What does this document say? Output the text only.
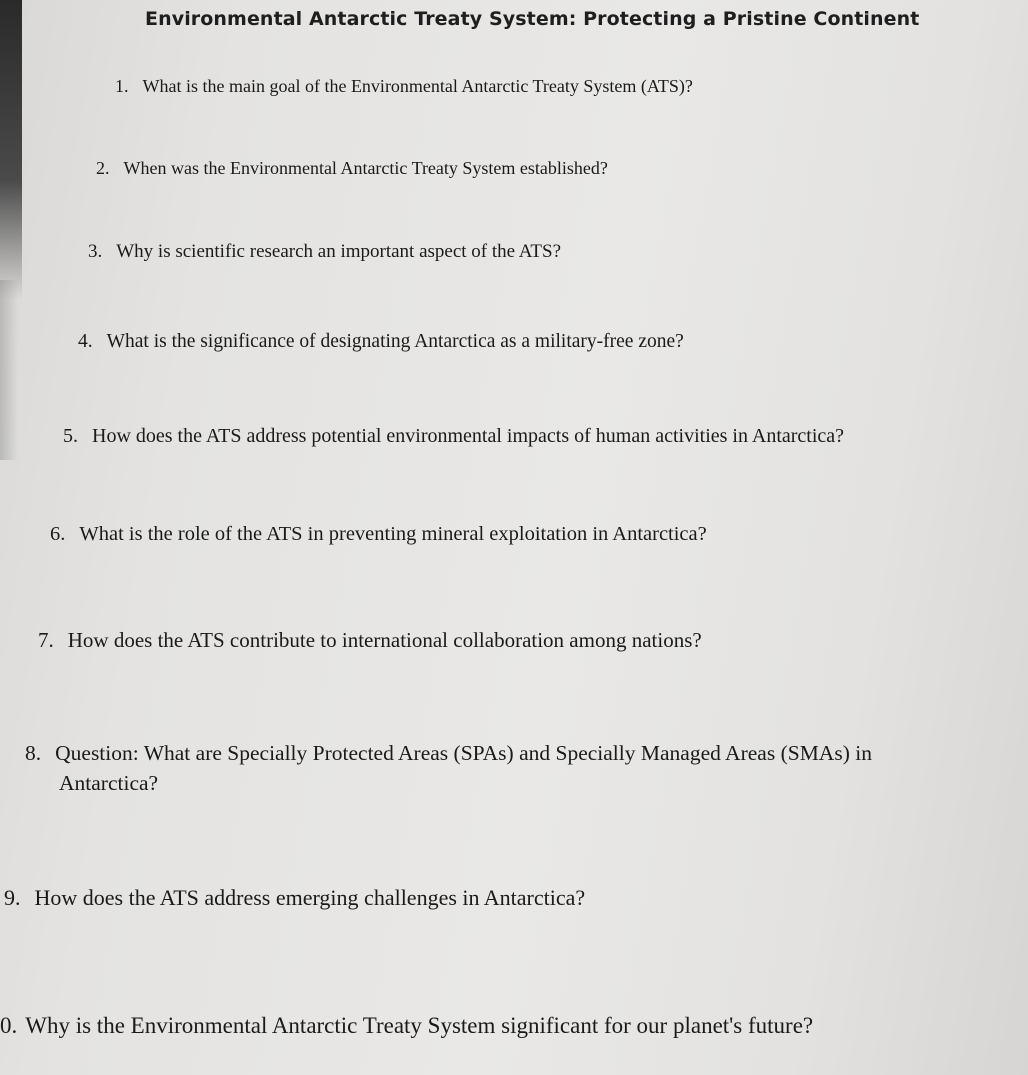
Environmental Antarctic Treaty System: Protecting a Pristine Continent
1. What is the main goal of the Environmental Antarctic Treaty System (ATS)?
2. When was the Environmental Antarctic Treaty System established?
3. Why is scientific research an important aspect of the ATS?
4. What is the significance of designating Antarctica as a military-free zone?
5. How does the ATS address potential environmental impacts of human activities in Antarctica?
6. What is the role of the ATS in preventing mineral exploitation in Antarctica?
7. How does the ATS contribute to international collaboration among nations?
8. Question: What are Specially Protected Areas (SPAs) and Specially Managed Areas (SMAs) in
Antarctica?
9. How does the ATS address emerging challenges in Antarctica?
0. Why is the Environmental Antarctic Treaty System significant for our planet's future?
